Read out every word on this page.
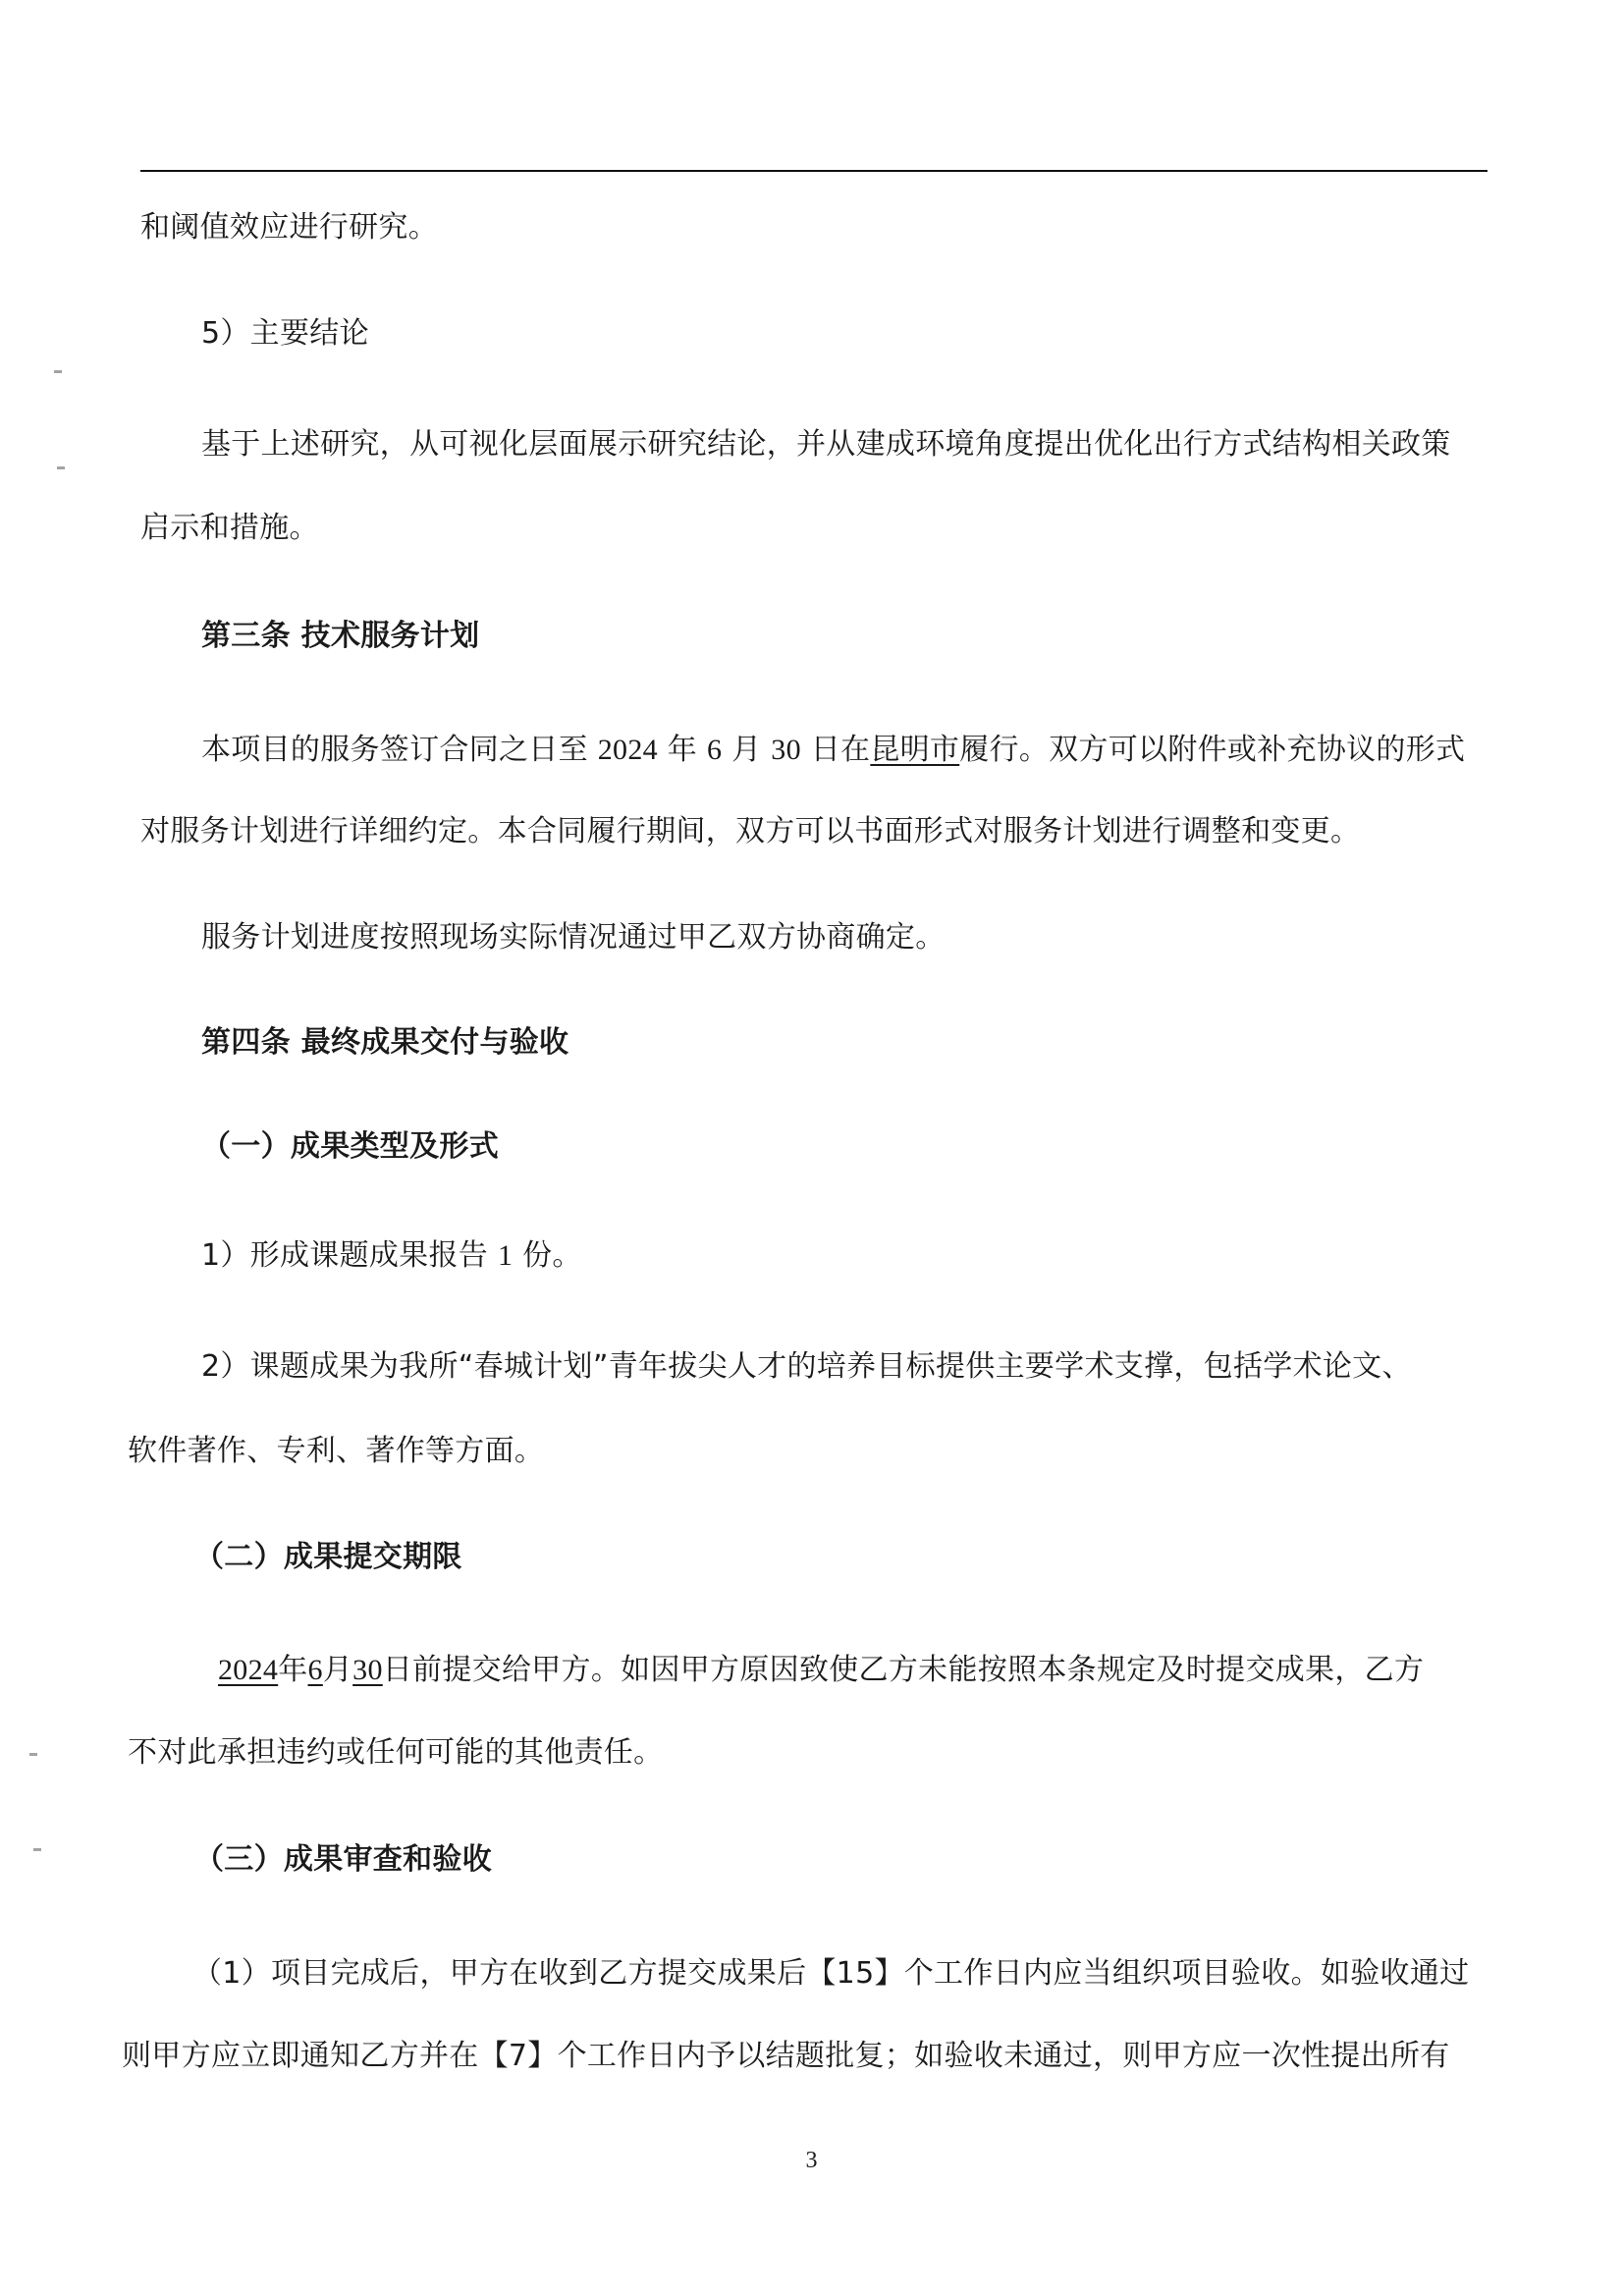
和阈值效应进行研究。
5）主要结论
基于上述研究，从可视化层面展示研究结论，并从建成环境角度提出优化出行方式结构相关政策
启示和措施。
第三条 技术服务计划
本项目的服务签订合同之日至 2024 年 6 月 30 日在昆明市履行。双方可以附件或补充协议的形式
对服务计划进行详细约定。本合同履行期间，双方可以书面形式对服务计划进行调整和变更。
服务计划进度按照现场实际情况通过甲乙双方协商确定。
第四条 最终成果交付与验收
（一）成果类型及形式
1）形成课题成果报告 1 份。
2）课题成果为我所“春城计划”青年拔尖人才的培养目标提供主要学术支撑，包括学术论文、
软件著作、专利、著作等方面。
（二）成果提交期限
2024年6月30日前提交给甲方。如因甲方原因致使乙方未能按照本条规定及时提交成果，乙方
不对此承担违约或任何可能的其他责任。
（三）成果审查和验收
（1）项目完成后，甲方在收到乙方提交成果后【15】个工作日内应当组织项目验收。如验收通过
则甲方应立即通知乙方并在【7】个工作日内予以结题批复；如验收未通过，则甲方应一次性提出所有
3
